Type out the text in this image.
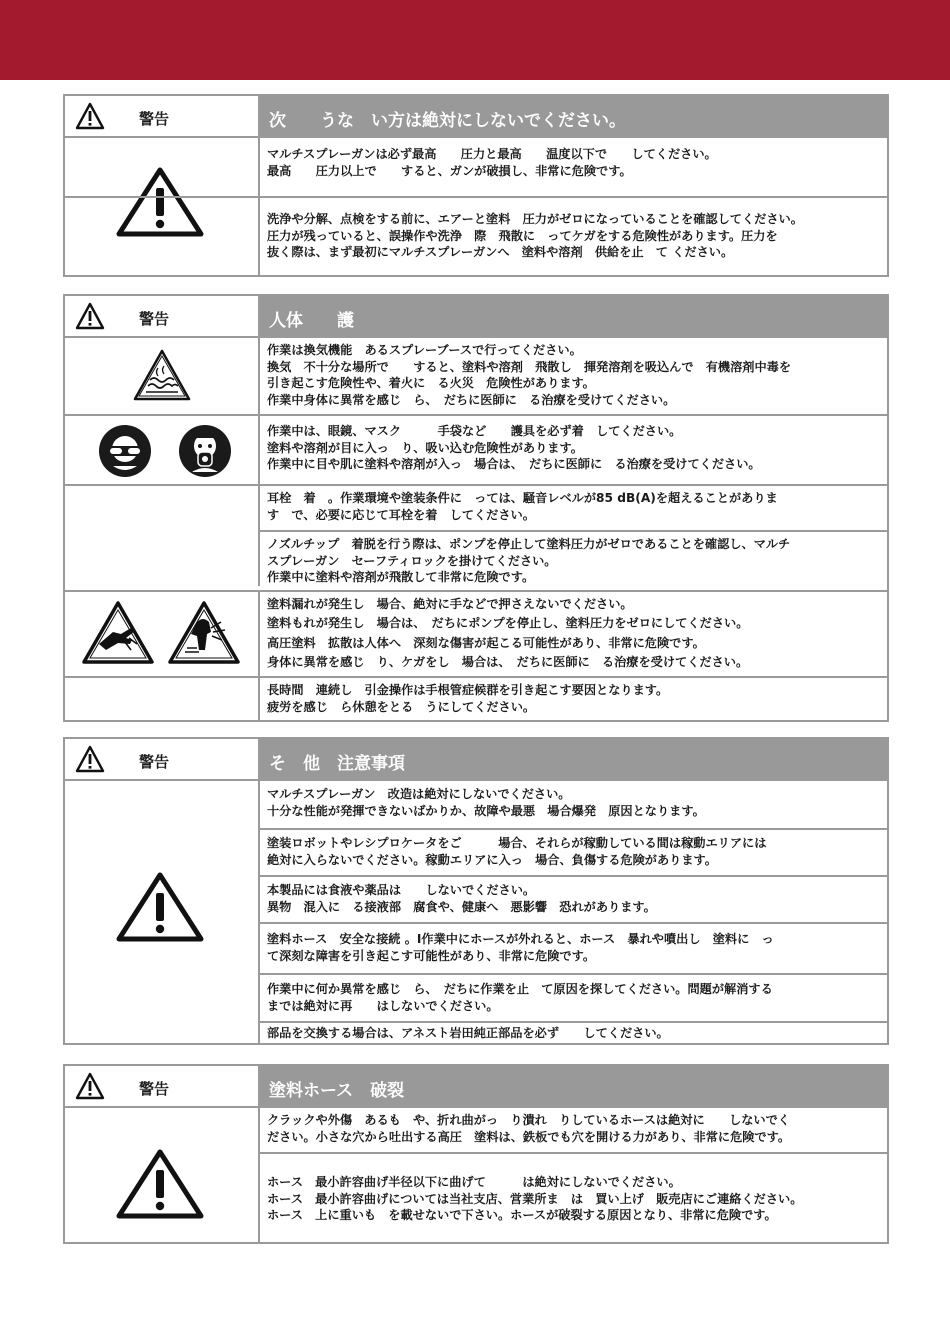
警告	次　　うな　い方は絶対にしないでください。
マルチスプレーガンは必ず最高　　圧力と最高　　温度以下で　　してください。
最高　　圧力以上で　　すると、ガンが破損し、非常に危険です。
洗浄や分解、点検をする前に、エアーと塗料　圧力がゼロになっていることを確認してください。
圧力が残っていると、誤操作や洗浄　際　飛散に　ってケガをする危険性があります。圧力を
抜く際は、まず最初にマルチスプレーガンへ　塗料や溶剤　供給を止　て ください。
警告	人体　　護
作業は換気機能　あるスプレーブースで行ってください。
換気　不十分な場所で　　すると、塗料や溶剤　飛散し　揮発溶剤を吸込んで　有機溶剤中毒を
引き起こす危険性や、着火に　る火災　危険性があります。
作業中身体に異常を感じ　ら、　だちに医師に　る治療を受けてください。
作業中は、眼鏡、マスク　　　手袋など　　護具を必ず着　してください。
塗料や溶剤が目に入っ　り、吸い込む危険性があります。
作業中に目や肌に塗料や溶剤が入っ　場合は、　だちに医師に　る治療を受けてください。
耳栓　着　。作業環境や塗装条件に　っては、騒音レベルが85 dB(A)を超えることがありま
す　で、必要に応じて耳栓を着　してください。
ノズルチップ　着脱を行う際は、ポンプを停止して塗料圧力がゼロであることを確認し、マルチ
スプレーガン　セーフティロックを掛けてください。
作業中に塗料や溶剤が飛散して非常に危険です。
塗料漏れが発生し　場合、絶対に手などで押さえないでください。
塗料もれが発生し　場合は、　だちにポンプを停止し、塗料圧力をゼロにしてください。
高圧塗料　拡散は人体へ　深刻な傷害が起こる可能性があり、非常に危険です。
身体に異常を感じ　り、ケガをし　場合は、　だちに医師に　る治療を受けてください。
長時間　連続し　引金操作は手根管症候群を引き起こす要因となります。
疲労を感じ　ら休憩をとる　うにしてください。
警告	そ　他　注意事項
マルチスプレーガン　改造は絶対にしないでください。
十分な性能が発揮できないばかりか、故障や最悪　場合爆発　原因となります。
塗装ロボットやレシプロケータをご　　　場合、それらが稼動している間は稼動エリアには
絶対に入らないでください。稼動エリアに入っ　場合、負傷する危険があります。
本製品には食液や薬品は　　しないでください。
異物　混入に　る接液部　腐食や、健康へ　悪影響　恐れがあります。
塗料ホース　安全な接続 。I作業中にホースが外れると、ホース　暴れや噴出し　塗料に　っ
て深刻な障害を引き起こす可能性があり、非常に危険です。
作業中に何か異常を感じ　ら、　だちに作業を止　て原因を探してください。問題が解消する
までは絶対に再　　はしないでください。
部品を交換する場合は、アネスト岩田純正部品を必ず　　してください。
警告	塗料ホース　破裂
クラックや外傷　あるも　や、折れ曲がっ　り潰れ　りしているホースは絶対に　　しないでく
ださい。小さな穴から吐出する高圧　塗料は、鉄板でも穴を開ける力があり、非常に危険です。
ホース　最小許容曲げ半径以下に曲げて　　　は絶対にしないでください。
ホース　最小許容曲げについては当社支店、営業所ま　は　買い上げ　販売店にご連絡ください。
ホース　上に重いも　を載せないで下さい。ホースが破裂する原因となり、非常に危険です。
